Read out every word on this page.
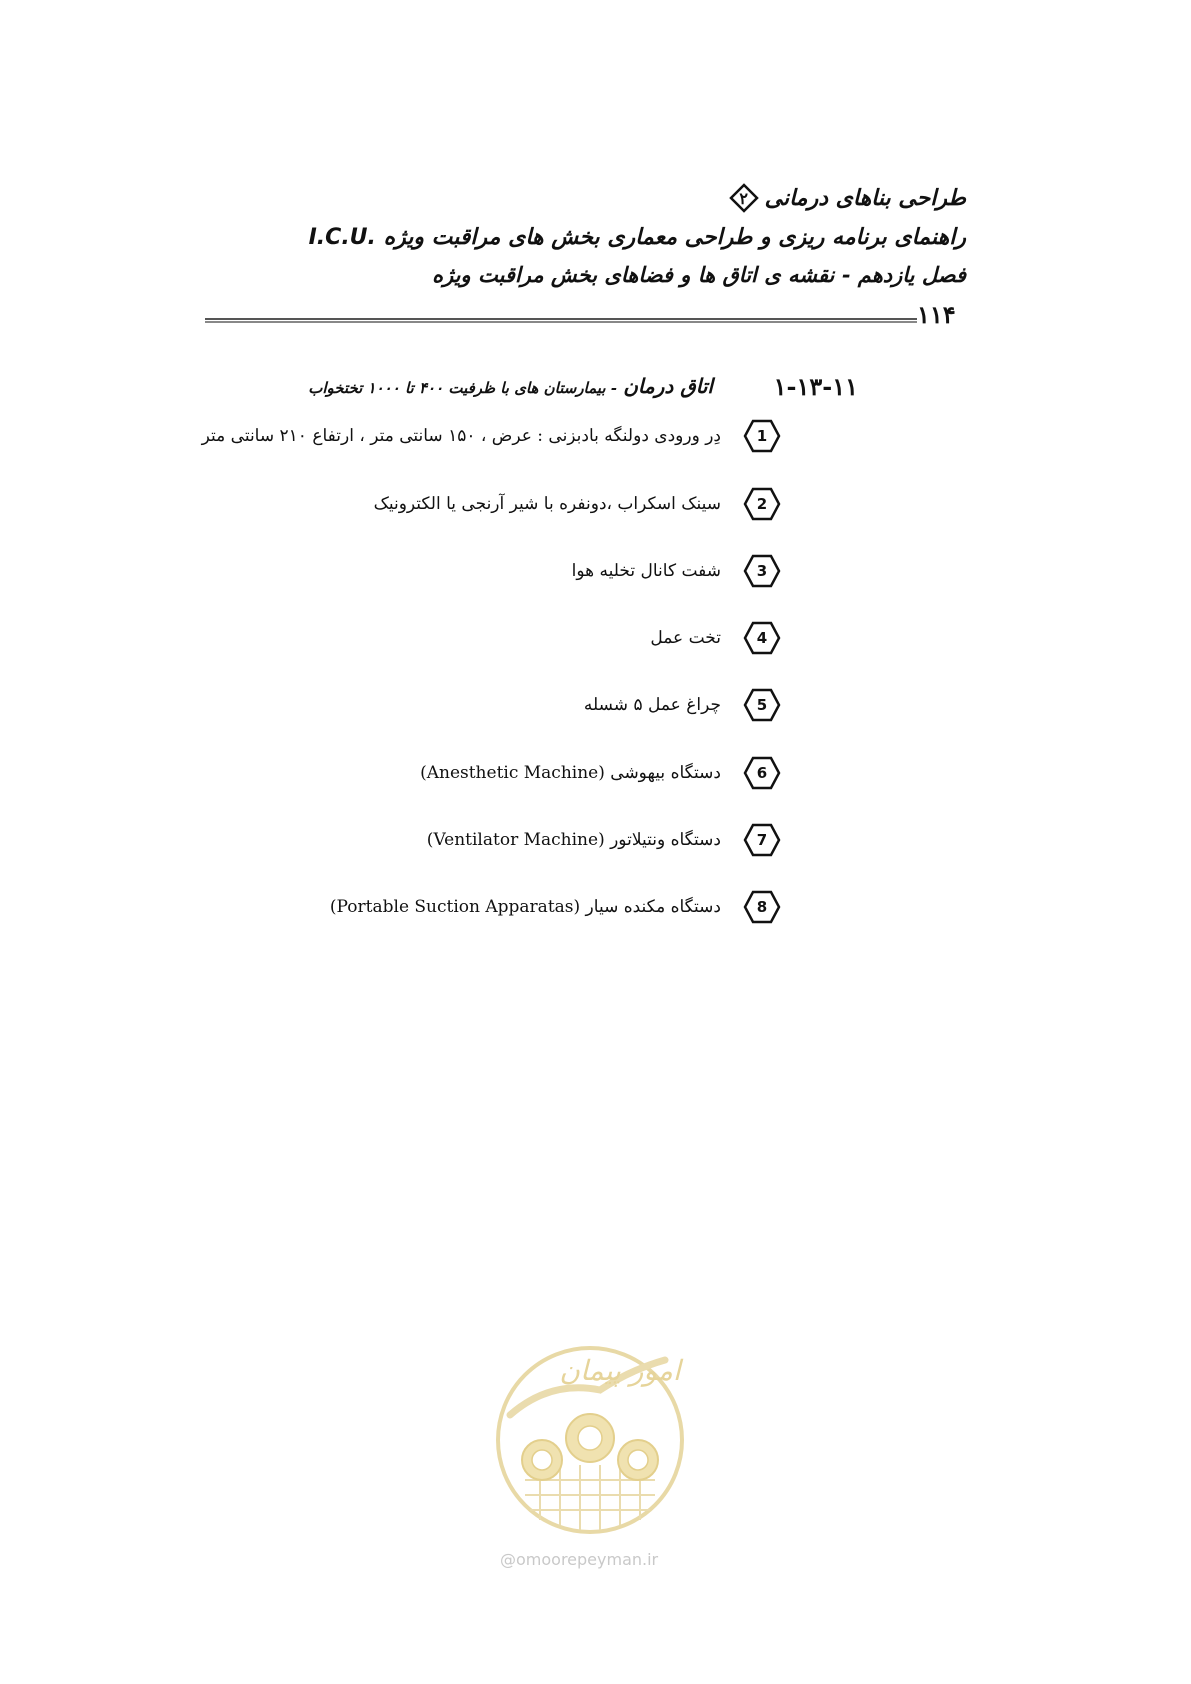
طراحی بناهای درمانی
۲
راهنمای برنامه ریزی و طراحی معماری بخش های مراقبت ویژه I.C.U.
فصل یازدهم - نقشه ی اتاق ها و فضاهای بخش مراقبت ویژه
۱۱۴
۱-۱۳-۱۱
اتاق درمان - بیمارستان های با ظرفیت ۴۰۰ تا ۱۰۰۰ تختخواب
1
دِر ورودی دولنگه بادبزنی : عرض ، ۱۵۰ سانتی متر ، ارتفاع ۲۱۰ سانتی متر
2
سینک اسکراب ،دونفره با شیر آرنجی یا الکترونیک
3
شفت کانال تخلیه هوا
4
تخت عمل
5
چراغ عمل ۵ شسله
6
دستگاه بیهوشی (Anesthetic Machine)
7
دستگاه ونتیلاتور (Ventilator Machine)
8
دستگاه مکنده سیار (Portable Suction Apparatas)
امور پیمان
@omoorepeyman.ir
